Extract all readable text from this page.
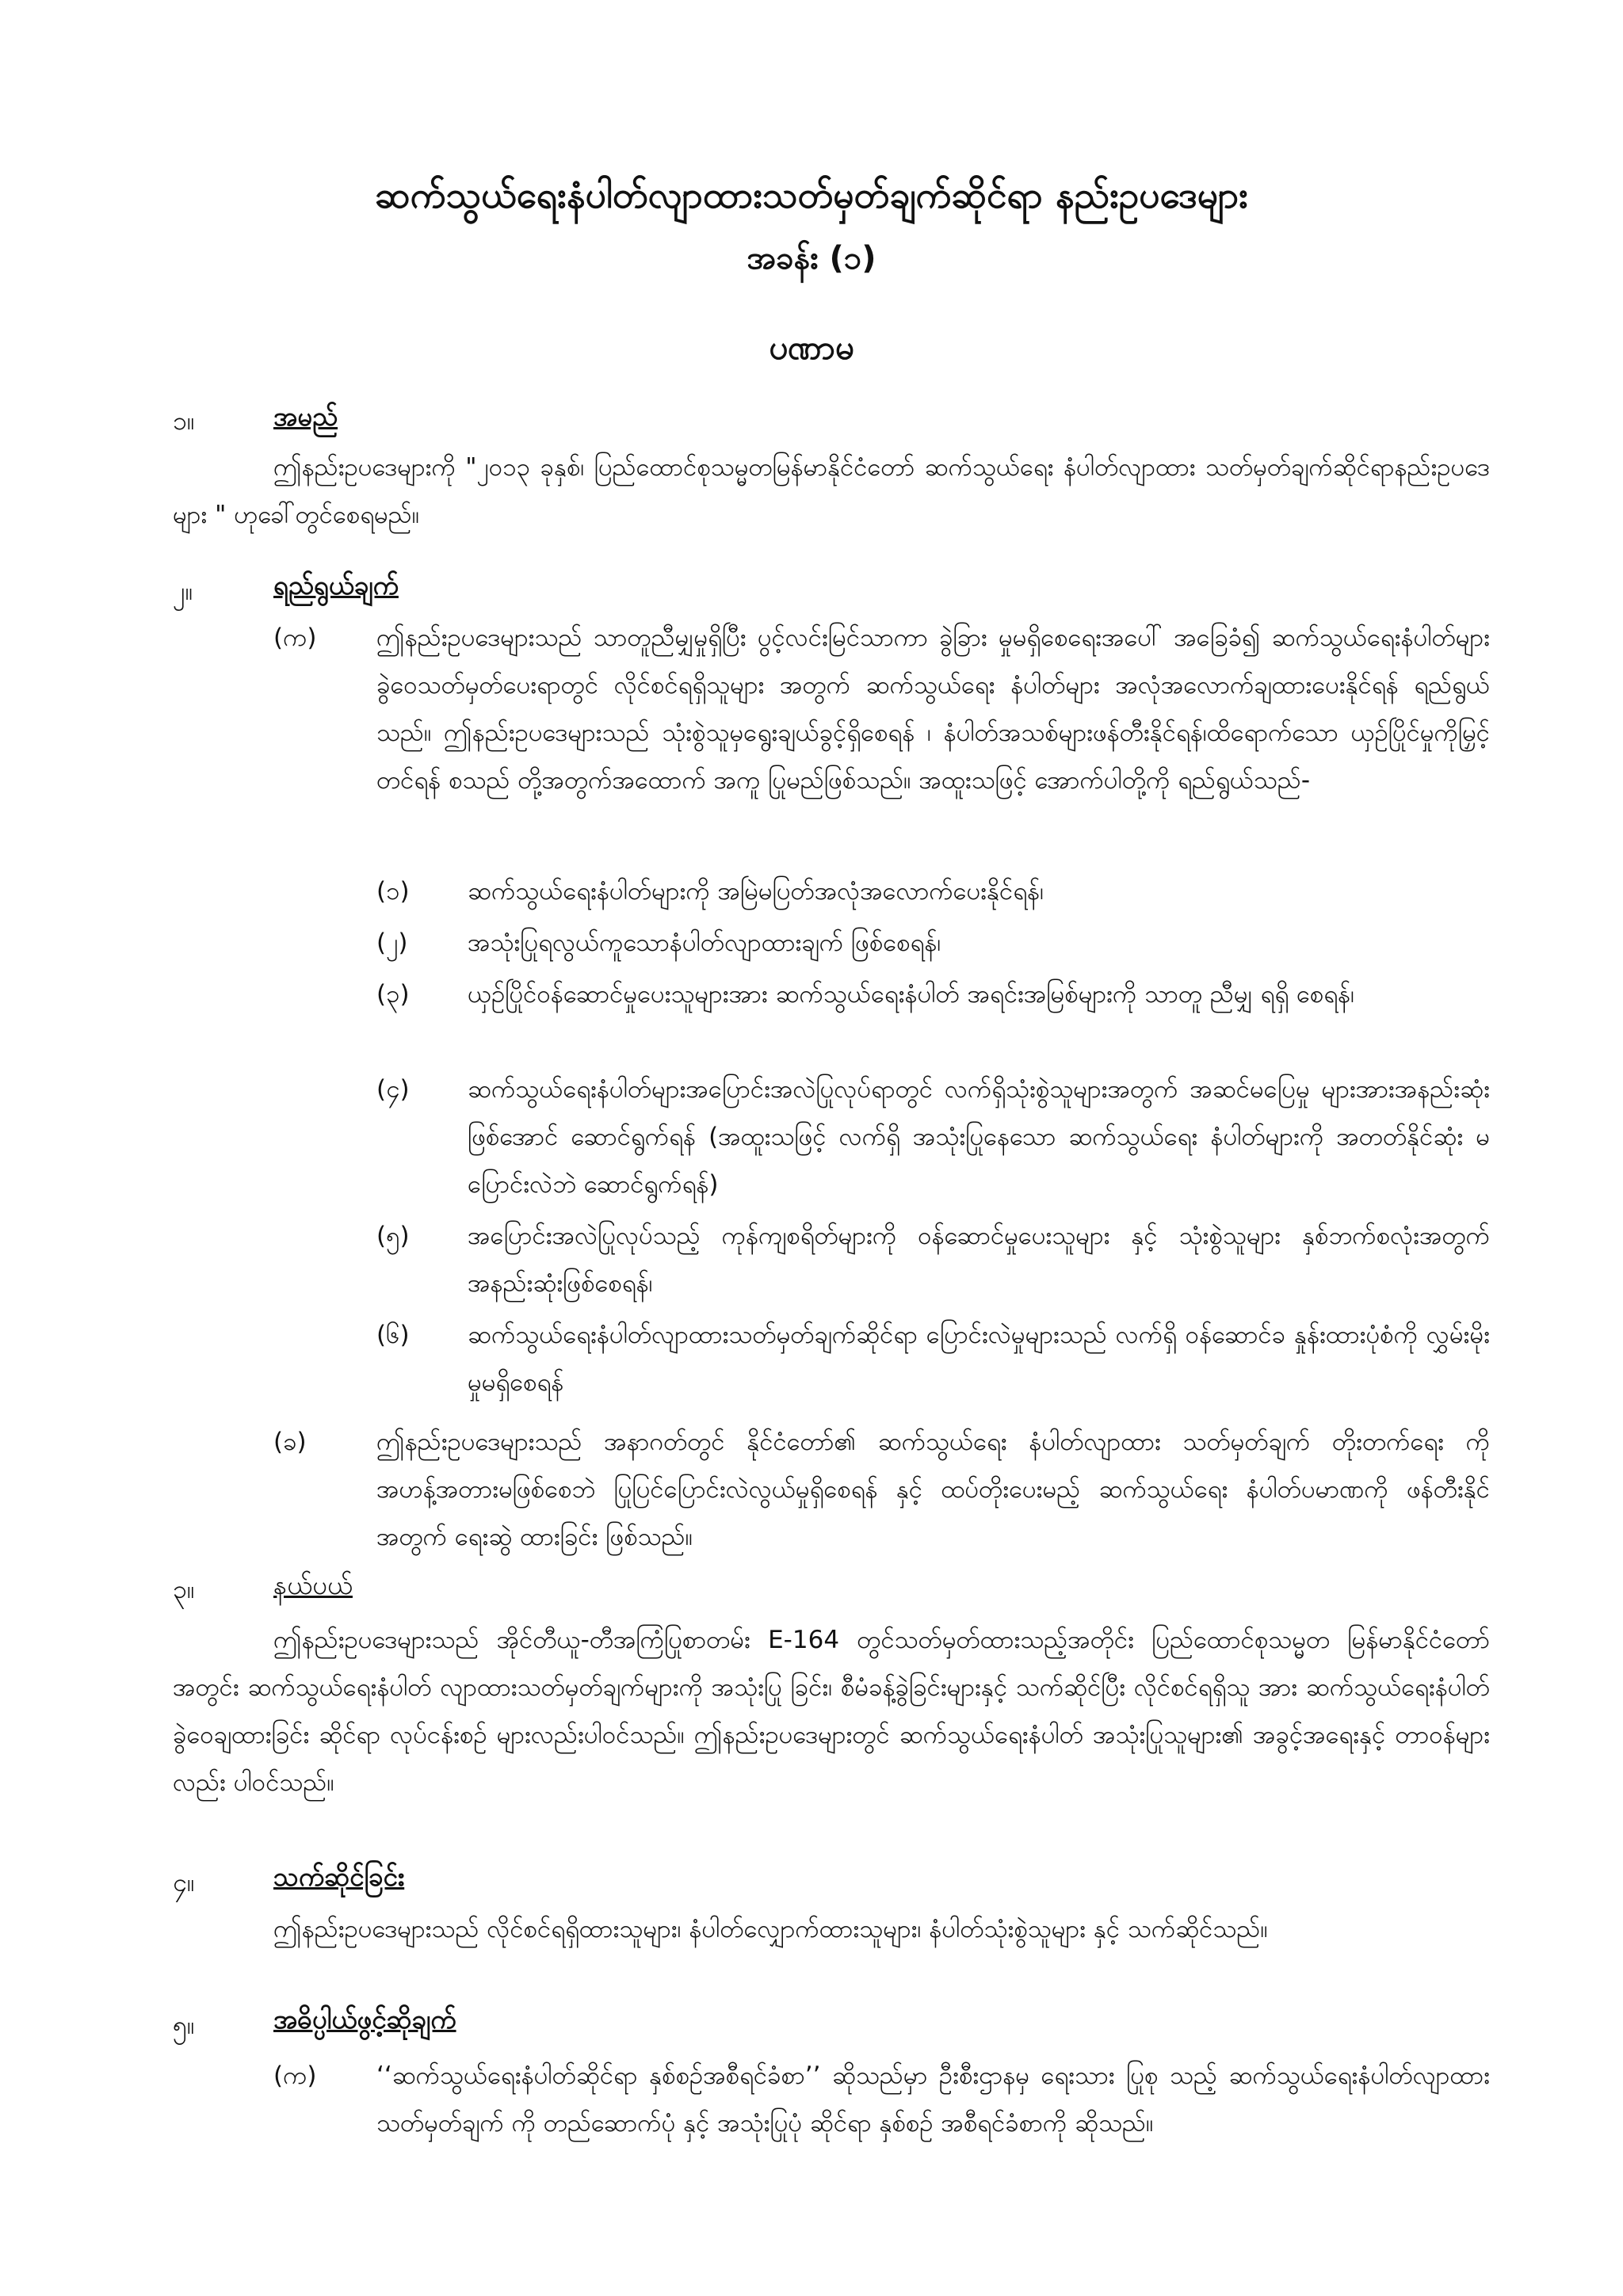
ဆက်သွယ်ရေးနံပါတ်လျာထားသတ်မှတ်ချက်ဆိုင်ရာ နည်းဥပဒေများ
အခန်း (၁)
ပဏာမ
၁။	အမည်
ဤနည်းဥပဒေများကို "၂၀၁၃ ခုနှစ်၊ ပြည်ထောင်စုသမ္မတမြန်မာနိုင်ငံတော် ဆက်သွယ်ရေး နံပါတ်လျာထား သတ်မှတ်ချက်ဆိုင်ရာနည်းဥပဒေများ " ဟုခေါ်တွင်စေရမည်။
၂။	ရည်ရွယ်ချက်
(က) ဤနည်းဥပဒေများသည် သာတူညီမျှမှုရှိပြီး ပွင့်လင်းမြင်သာကာ ခွဲခြား မှုမရှိစေရေးအပေါ် အခြေခံ၍ ဆက်သွယ်ရေးနံပါတ်များ ခွဲဝေသတ်မှတ်ပေးရာတွင် လိုင်စင်ရရှိသူများ အတွက် ဆက်သွယ်ရေး နံပါတ်များ အလုံအလောက်ချထားပေးနိုင်ရန် ရည်ရွယ်သည်။ ဤနည်းဥပဒေများသည် သုံးစွဲသူမှရွေးချယ်ခွင့်ရှိစေရန် ၊ နံပါတ်အသစ်များဖန်တီးနိုင်ရန်၊ထိရောက်သော ယှဉ်ပြိုင်မှုကိုမြှင့်တင်ရန် စသည် တို့အတွက်အထောက် အကူ ပြုမည်ဖြစ်သည်။ အထူးသဖြင့် အောက်ပါတို့ကို ရည်ရွယ်သည်-
(၁) ဆက်သွယ်ရေးနံပါတ်များကို အမြဲမပြတ်အလုံအလောက်ပေးနိုင်ရန်၊
(၂) အသုံးပြုရလွယ်ကူသောနံပါတ်လျာထားချက် ဖြစ်စေရန်၊
(၃) ယှဉ်ပြိုင်ဝန်ဆောင်မှုပေးသူများအား ဆက်သွယ်ရေးနံပါတ် အရင်းအမြစ်များကို သာတူ ညီမျှ ရရှိ စေရန်၊
(၄) ဆက်သွယ်ရေးနံပါတ်များအပြောင်းအလဲပြုလုပ်ရာတွင် လက်ရှိသုံးစွဲသူများအတွက် အဆင်မပြေမှု များအားအနည်းဆုံးဖြစ်အောင် ဆောင်ရွက်ရန် (အထူးသဖြင့် လက်ရှိ အသုံးပြုနေသော ဆက်သွယ်ရေး နံပါတ်များကို အတတ်နိုင်ဆုံး မပြောင်းလဲဘဲ ဆောင်ရွက်ရန်)
(၅) အပြောင်းအလဲပြုလုပ်သည့် ကုန်ကျစရိတ်များကို ဝန်ဆောင်မှုပေးသူများ နှင့် သုံးစွဲသူများ နှစ်ဘက်စလုံးအတွက် အနည်းဆုံးဖြစ်စေရန်၊
(၆) ဆက်သွယ်ရေးနံပါတ်လျာထားသတ်မှတ်ချက်ဆိုင်ရာ ပြောင်းလဲမှုများသည် လက်ရှိ ဝန်ဆောင်ခ နှုန်းထားပုံစံကို လွှမ်းမိုးမှုမရှိစေရန်
(ခ)	ဤနည်းဥပဒေများသည် အနာဂတ်တွင် နိုင်ငံတော်၏ ဆက်သွယ်ရေး နံပါတ်လျာထား သတ်မှတ်ချက် တိုးတက်ရေး ကို အဟန့်အတားမဖြစ်စေဘဲ ပြုပြင်ပြောင်းလဲလွယ်မှုရှိစေရန် နှင့် ထပ်တိုးပေးမည့် ဆက်သွယ်ရေး နံပါတ်ပမာဏကို ဖန်တီးနိုင် အတွက် ရေးဆွဲ ထားခြင်း ဖြစ်သည်။
၃။	နယ်ပယ်
ဤနည်းဥပဒေများသည် အိုင်တီယူ-တီအကြံပြုစာတမ်း E-164 တွင်သတ်မှတ်ထားသည့်အတိုင်း ပြည်ထောင်စုသမ္မတ မြန်မာနိုင်ငံတော်အတွင်း ဆက်သွယ်ရေးနံပါတ် လျာထားသတ်မှတ်ချက်များကို အသုံးပြု ခြင်း၊ စီမံခန့်ခွဲခြင်းများနှင့် သက်ဆိုင်ပြီး လိုင်စင်ရရှိသူ အား ဆက်သွယ်ရေးနံပါတ်ခွဲဝေချထားခြင်း ဆိုင်ရာ လုပ်ငန်းစဉ် များလည်းပါဝင်သည်။ ဤနည်းဥပဒေများတွင် ဆက်သွယ်ရေးနံပါတ် အသုံးပြုသူများ၏ အခွင့်အရေးနှင့် တာဝန်များ လည်း ပါဝင်သည်။
၄။	သက်ဆိုင်ခြင်း
ဤနည်းဥပဒေများသည် လိုင်စင်ရရှိထားသူများ၊ နံပါတ်လျှောက်ထားသူများ၊ နံပါတ်သုံးစွဲသူများ နှင့် သက်ဆိုင်သည်။
၅။	အဓိပ္ပါယ်ဖွင့်ဆိုချက်
(က) ‘‘ဆက်သွယ်ရေးနံပါတ်ဆိုင်ရာ နှစ်စဉ်အစီရင်ခံစာ’’ ဆိုသည်မှာ ဦးစီးဌာနမှ ရေးသား ပြုစု သည့် ဆက်သွယ်ရေးနံပါတ်လျာထားသတ်မှတ်ချက် ကို တည်ဆောက်ပုံ နှင့် အသုံးပြုပုံ ဆိုင်ရာ နှစ်စဉ် အစီရင်ခံစာကို ဆိုသည်။
